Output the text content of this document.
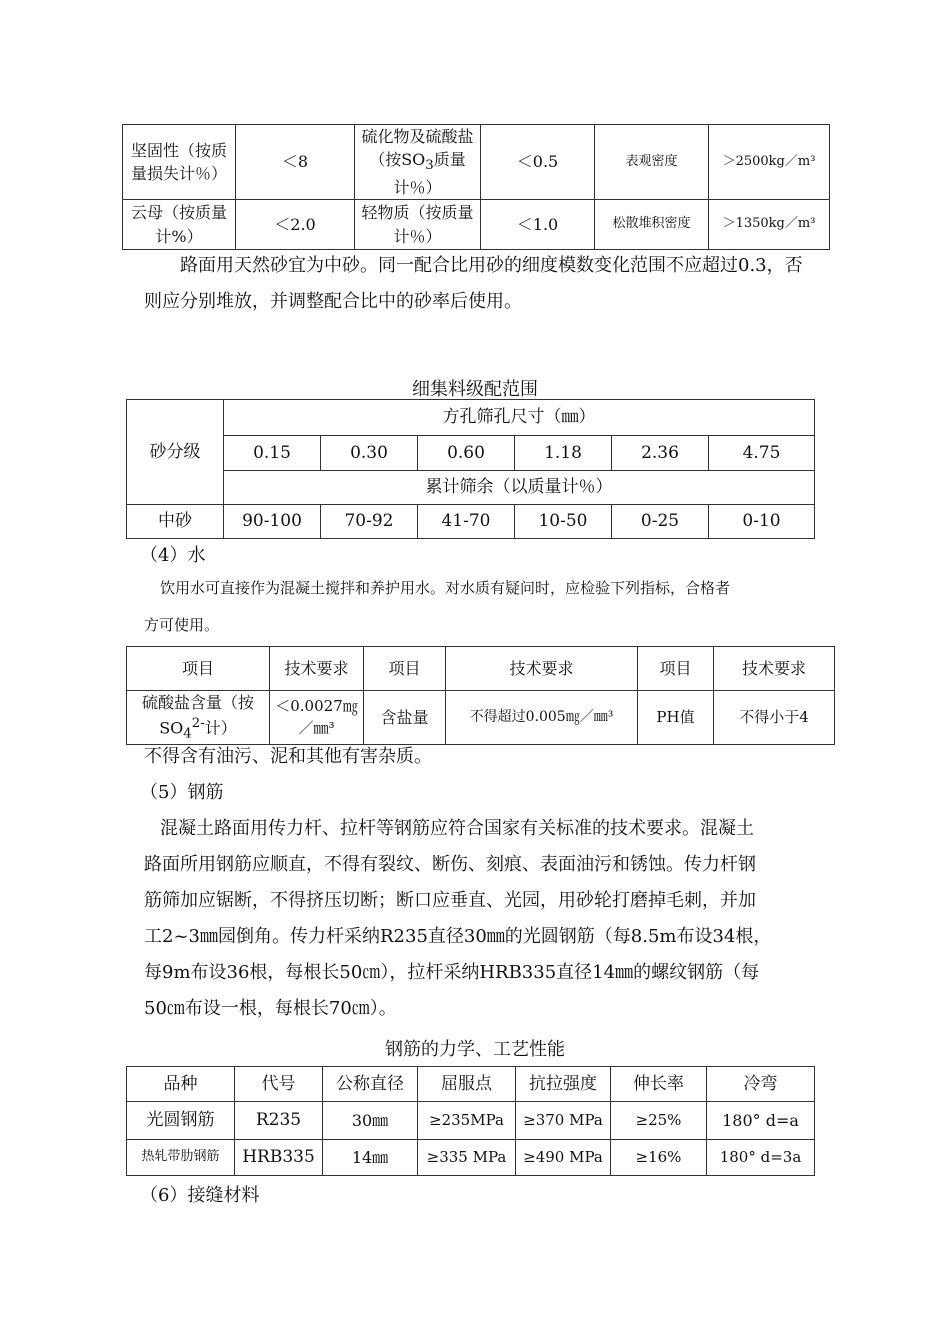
坚固性（按质量损失计％）	＜8	硫化物及硫酸盐（按$SO_3$质量计％）	＜0.5	表观密度	＞2500kg／m³
云母（按质量计%）	＜2.0	轻物质（按质量计％）	＜1.0	松散堆积密度	＞1350kg／m³
路面用天然砂宜为中砂。同一配合比用砂的细度模数变化范围不应超过0.3，否则应分别堆放，并调整配合比中的砂率后使用。
细集料级配范围
砂分级	方孔筛孔尺寸（㎜）					
	0.15	0.30	0.60	1.18	2.36	4.75
	累计筛余（以质量计％）					
中砂	90-100	70-92	41-70	10-50	0-25	0-10
（4）水
饮用水可直接作为混凝土搅拌和养护用水。对水质有疑问时，应检验下列指标，合格者
方可使用。
项目	技术要求	项目	技术要求	项目	技术要求
硫酸盐含量（按$SO_4^{2-}$计）	＜0.0027㎎／㎜³	含盐量	不得超过0.005㎎／㎜³	PH值	不得小于4
不得含有油污、泥和其他有害杂质。
（5）钢筋
混凝土路面用传力杆、拉杆等钢筋应符合国家有关标准的技术要求。混凝土
路面所用钢筋应顺直，不得有裂纹、断伤、刻痕、表面油污和锈蚀。传力杆钢
筋筛加应锯断，不得挤压切断；断口应垂直、光园，用砂轮打磨掉毛刺，并加
工2~3㎜园倒角。传力杆采纳R235直径30㎜的光圆钢筋（每8.5m布设34根，
每9m布设36根，每根长50㎝），拉杆采纳HRB335直径14㎜的螺纹钢筋（每
50㎝布设一根，每根长70㎝）。
钢筋的力学、工艺性能
品种	代号	公称直径	屈服点	抗拉强度	伸长率	冷弯
光圆钢筋	R235	30㎜	≥235MPa	≥370 MPa	≥25%	180° d=a
热轧带肋钢筋	HRB335	14㎜	≥335 MPa	≥490 MPa	≥16%	180° d=3a
（6）接缝材料
